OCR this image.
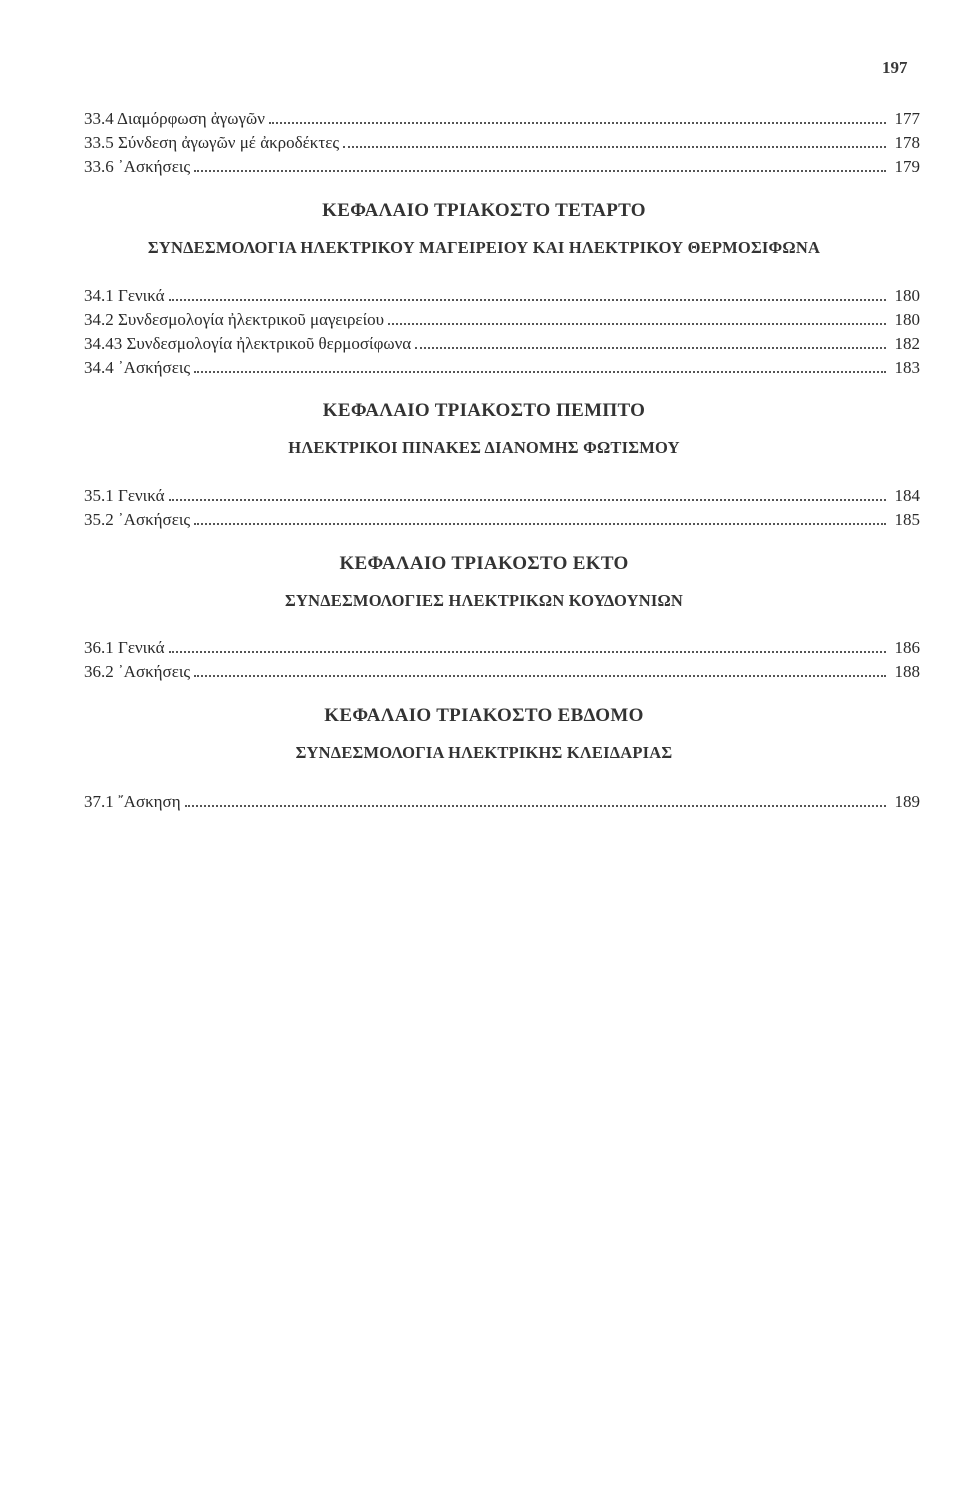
197
33.4 Διαμόρφωση ἀγωγῶν	177
33.5 Σύνδεση ἀγωγῶν μέ ἀκροδέκτες	178
33.6 ᾽Ασκήσεις	179
ΚΕΦΑΛΑΙΟ ΤΡΙΑΚΟΣΤΟ ΤΕΤΑΡΤΟ
ΣΥΝΔΕΣΜΟΛΟΓΙΑ ΗΛΕΚΤΡΙΚΟΥ ΜΑΓΕΙΡΕΙΟΥ ΚΑΙ ΗΛΕΚΤΡΙΚΟΥ ΘΕΡΜΟΣΙΦΩΝΑ
34.1 Γενικά	180
34.2 Συνδεσμολογία ἠλεκτρικοῦ μαγειρείου	180
34.43 Συνδεσμολογία ἠλεκτρικοῦ θερμοσίφωνα	182
34.4 ᾽Ασκήσεις	183
ΚΕΦΑΛΑΙΟ ΤΡΙΑΚΟΣΤΟ ΠΕΜΠΤΟ
ΗΛΕΚΤΡΙΚΟΙ ΠΙΝΑΚΕΣ ΔΙΑΝΟΜΗΣ ΦΩΤΙΣΜΟΥ
35.1 Γενικά	184
35.2 ᾽Ασκήσεις	185
ΚΕΦΑΛΑΙΟ ΤΡΙΑΚΟΣΤΟ ΕΚΤΟ
ΣΥΝΔΕΣΜΟΛΟΓΙΕΣ ΗΛΕΚΤΡΙΚΩΝ ΚΟΥΔΟΥΝΙΩΝ
36.1 Γενικά	186
36.2 ᾽Ασκήσεις	188
ΚΕΦΑΛΑΙΟ ΤΡΙΑΚΟΣΤΟ ΕΒΔΟΜΟ
ΣΥΝΔΕΣΜΟΛΟΓΙΑ ΗΛΕΚΤΡΙΚΗΣ ΚΛΕΙΔΑΡΙΑΣ
37.1 ῎Ασκηση	189
